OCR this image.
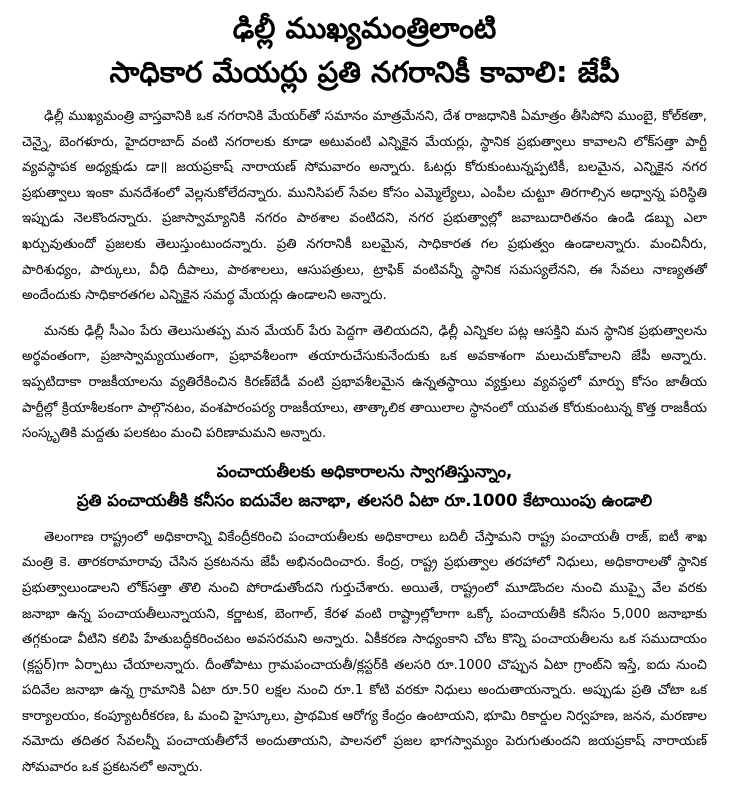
ఢిల్లీ ముఖ్యమంత్రిలాంటి
సాధికార మేయర్లు ప్రతి నగరానికీ కావాలి: జేపీ

ఢిల్లీ ముఖ్యమంత్రి వాస్తవానికి ఒక నగరానికి మేయర్‌తో సమానం మాత్రమేనని, దేశ రాజధానికి ఏమాత్రం తీసిపోని ముంబై, కోల్‌కతా, చెన్నై, బెంగళూరు, హైదరాబాద్ వంటి నగరాలకు కూడా అటువంటి ఎన్నికైన మేయర్లు, స్థానిక ప్రభుత్వాలు కావాలని లోక్‌సత్తా పార్టీ వ్యవస్థాపక అధ్యక్షుడు డా॥ జయప్రకాష్ నారాయణ్ సోమవారం అన్నారు. ఓటర్లు కోరుకుంటున్నప్పటికీ, బలమైన, ఎన్నికైన నగర ప్రభుత్వాలు ఇంకా మనదేశంలో వెల్లనుకోలేదన్నారు. మునిసిపల్ సేవల కోసం ఎమ్మెల్యేలు, ఎంపీల చుట్టూ తిరగాల్సిన అధ్వాన్న పరిస్థితి ఇప్పుడు నెలకొందన్నారు. ప్రజాస్వామ్యానికి నగరం పాఠశాల వంటిదని, నగర ప్రభుత్వాల్లో జవాబుదారితనం ఉండి డబ్బు ఎలా ఖర్చువుతుందో ప్రజలకు తెలుస్తుంటుందన్నారు. ప్రతి నగరానికీ బలమైన, సాధికారత గల ప్రభుత్వం ఉండాలన్నారు. మంచినీరు, పారిశుధ్యం, పార్కులు, వీధి దీపాలు, పాఠశాలలు, ఆసుపత్రులు, ట్రాఫిక్ వంటివన్నీ స్థానిక సమస్యలేనని, ఈ సేవలు నాణ్యతతో అందేందుకు సాధికారతగల ఎన్నికైన సమర్థ మేయర్లు ఉండాలని అన్నారు.

మనకు ఢిల్లీ సీఎం పేరు తెలుసుతప్ప మన మేయర్ పేరు పెద్దగా తెలియదని, ఢిల్లీ ఎన్నికల పట్ల ఆసక్తిని మన స్థానిక ప్రభుత్వాలను అర్థవంతంగా, ప్రజాస్వామ్యయుతంగా, ప్రభావశీలంగా తయారుచేసుకునేందుకు ఒక అవకాశంగా మలుచుకోవాలని జేపీ అన్నారు. ఇప్పటిదాకా రాజకీయాలను వ్యతిరేకించిన కిరణ్‌బేడీ వంటి ప్రభావశీలమైన ఉన్నతస్థాయి వ్యక్తులు వ్యవస్థలో మార్పు కోసం జాతీయ పార్టీల్లో క్రియాశీలకంగా పాల్గొనటం, వంశపారంపర్య రాజకీయాలు, తాత్కాలిక తాయిలాల స్థానంలో యువత కోరుకుంటున్న కొత్త రాజకీయ సంస్కృతికి మద్దతు పలకటం మంచి పరిణామమని అన్నారు.

పంచాయతీలకు అధికారాలను స్వాగతిస్తున్నాం,
ప్రతి పంచాయతీకి కనీసం ఐదువేల జనాభా, తలసరి ఏటా రూ.1000 కేటాయింపు ఉండాలి

తెలంగాణ రాష్ట్రంలో అధికారాన్ని వికేంద్రీకరించి పంచాయతీలకు అధికారాలు బదిలీ చేస్తామని రాష్ట్ర పంచాయతీ రాజ్, ఐటీ శాఖ మంత్రి కె. తారకరామారావు చేసిన ప్రకటనను జేపీ అభినందించారు. కేంద్ర, రాష్ట్ర ప్రభుత్వాల తరహాలో నిధులు, అధికారాలతో స్థానిక ప్రభుత్వాలుండాలని లోక్‌సత్తా తొలి నుంచి పోరాడుతోందని గుర్తుచేశారు. అయితే, రాష్ట్రంలో మూడొందల నుంచి ముప్పై వేల వరకు జనాభా ఉన్న పంచాయతీలున్నాయని, కర్ణాటక, బెంగాల్, కేరళ వంటి రాష్ట్రాల్లోలాగా ఒక్కో పంచాయతీకి కనీసం 5,000 జనాభాకు తగ్గకుండా వీటిని కలిపి హేతుబద్ధీకరించటం అవసరమని అన్నారు. ఏకీకరణ సాధ్యంకాని చోట కొన్ని పంచాయతీలను ఒక సముదాయం (క్లస్టర్)గా ఏర్పాటు చేయాలన్నారు. దీంతోపాటు గ్రామపంచాయతీ/క్లస్టర్‌కి తలసరి రూ.1000 చొప్పున ఏటా గ్రాంట్‌ని ఇస్తే, ఐదు నుంచి పదివేల జనాభా ఉన్న గ్రామానికి ఏటా రూ.50 లక్షల నుంచి రూ.1 కోటి వరకూ నిధులు అందుతాయన్నారు. అప్పుడు ప్రతి చోటా ఒక కార్యాలయం, కంప్యూటరీకరణ, ఓ మంచి హైస్కూలు, ప్రాథమిక ఆరోగ్య కేంద్రం ఉంటాయని, భూమి రికార్డుల నిర్వహణ, జనన, మరణాల నమోదు తదితర సేవలన్నీ పంచాయతీలోనే అందుతాయని, పాలనలో ప్రజల భాగస్వామ్యం పెరుగుతుందని జయప్రకాష్ నారాయణ్ సోమవారం ఒక ప్రకటనలో అన్నారు.
